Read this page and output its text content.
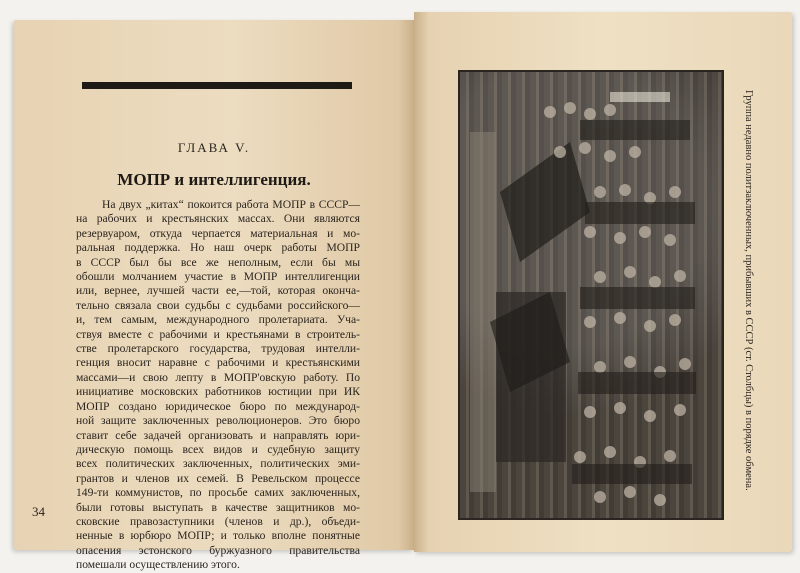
ГЛАВА V.
МОПР и интеллигенция.
На двух „китах“ покоится работа МОПР в СССР—
на рабочих и крестьянских массах. Они являются
резервуаром, откуда черпается материальная и мо-
ральная поддержка. Но наш очерк работы МОПР
в СССР был бы все же неполным, если бы мы
обошли молчанием участие в МОПР интеллигенции
или, вернее, лучшей части ее,—той, которая оконча-
тельно связала свои судьбы с судьбами российского—
и, тем самым, международного пролетариата. Уча-
ствуя вместе с рабочими и крестьянами в строитель-
стве пролетарского государства, трудовая интелли-
генция вносит наравне с рабочими и крестьянскими
массами—и свою лепту в МОПР'овскую работу. По
инициативе московских работников юстиции при ИК
МОПР создано юридическое бюро по международ-
ной защите заключенных революционеров. Это бюро
ставит себе задачей организовать и направлять юри-
дическую помощь всех видов и судебную защиту
всех политических заключенных, политических эми-
грантов и членов их семей. В Ревельском процессе
149-ти коммунистов, по просьбе самих заключенных,
были готовы выступать в качестве защитников мо-
сковские правозаступники (членов и др.), объеди-
ненные в юрбюро МОПР; и только вполне понятные
опасения эстонского буржуазного правительства
помешали осуществлению этого.
34
Группа недавно политзаключенных, прибывших в СССР (ст. Столбцы) в порядке обмена.
